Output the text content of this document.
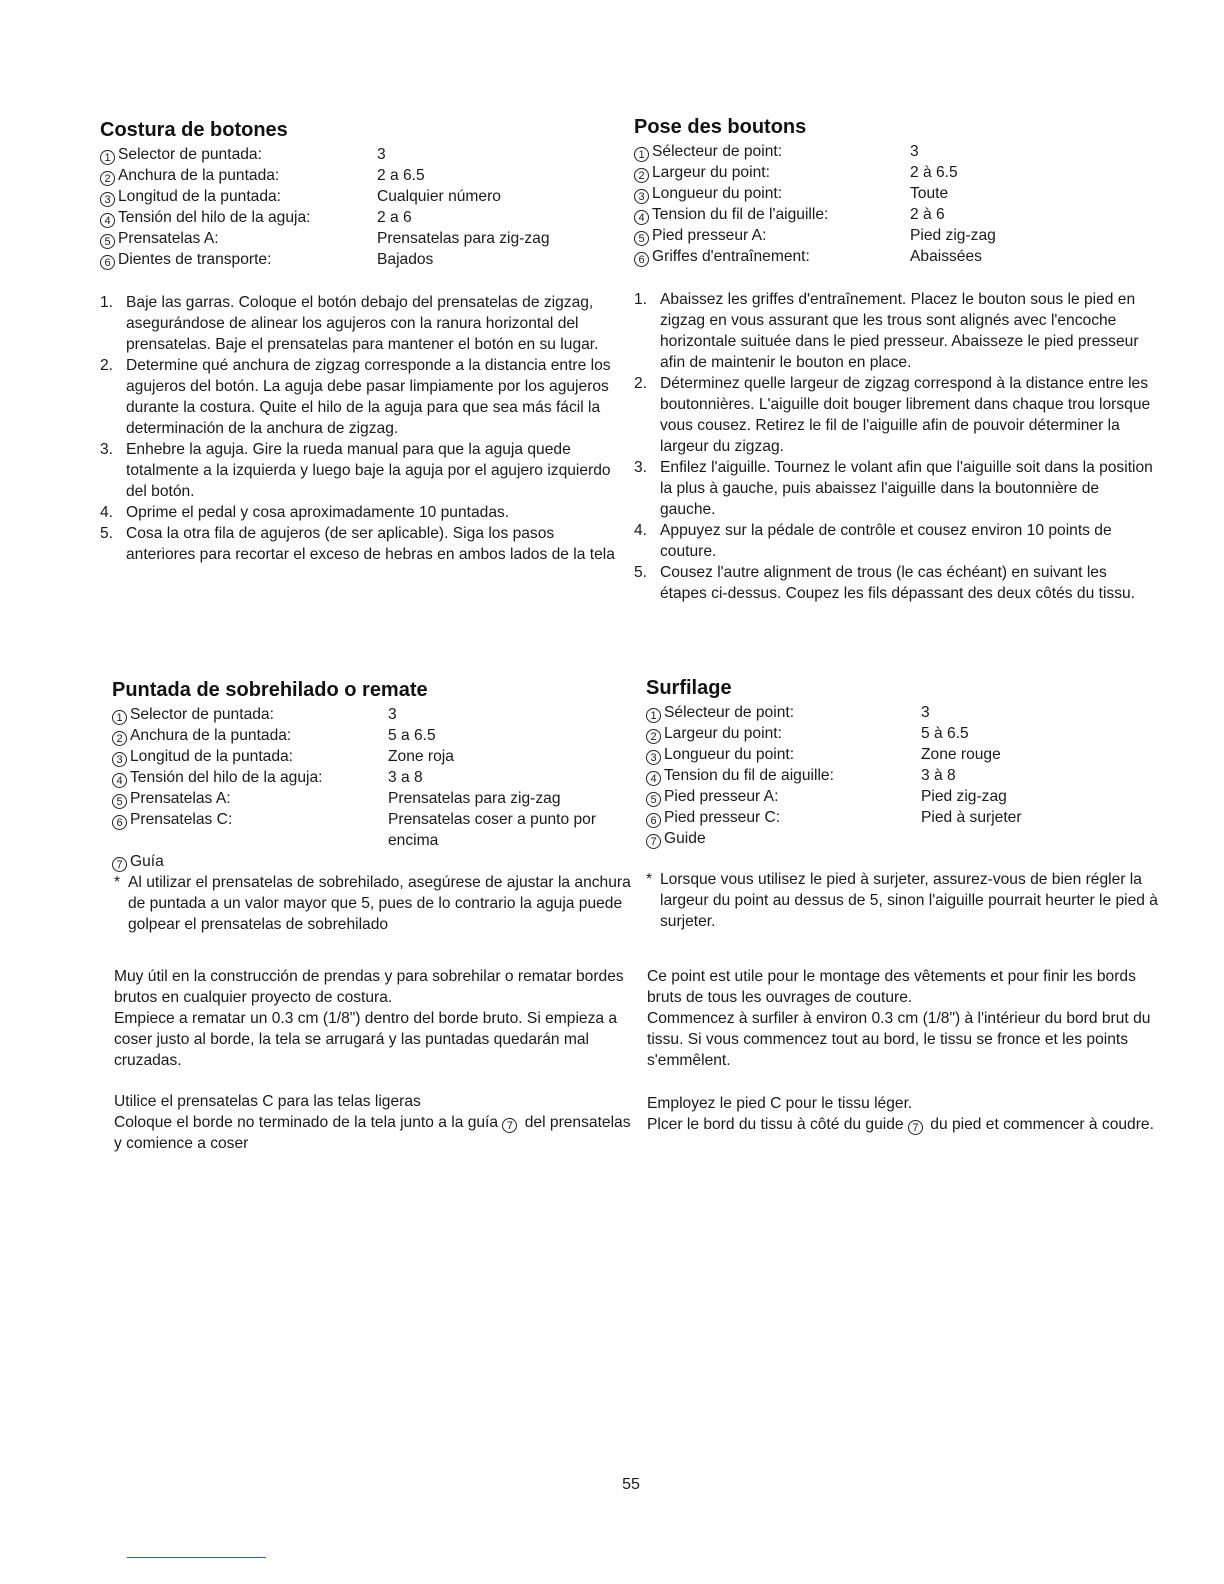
Costura de botones
1 Selector de puntada:	3
2 Anchura de la puntada:	2 a 6.5
3 Longitud de la puntada:	Cualquier número
4 Tensión del hilo de la aguja:	2 a 6
5 Prensatelas A:	Prensatelas para zig-zag
6 Dientes de transporte:	Bajados
1. Baje las garras. Coloque el botón debajo del prensatelas de zigzag, asegurándose de alinear los agujeros con la ranura horizontal del prensatelas. Baje el prensatelas para mantener el botón en su lugar.
2. Determine qué anchura de zigzag corresponde a la distancia entre los agujeros del botón. La aguja debe pasar limpiamente por los agujeros durante la costura. Quite el hilo de la aguja para que sea más fácil la determinación de la anchura de zigzag.
3. Enhebre la aguja. Gire la rueda manual para que la aguja quede totalmente a la izquierda y luego baje la aguja por el agujero izquierdo del botón.
4. Oprime el pedal y cosa aproximadamente 10 puntadas.
5. Cosa la otra fila de agujeros (de ser aplicable). Siga los pasos anteriores para recortar el exceso de hebras en ambos lados de la tela
Pose des boutons
1 Sélecteur de point:	3
2 Largeur du point:	2 à 6.5
3 Longueur du point:	Toute
4 Tension du fil de l'aiguille:	2 à 6
5 Pied presseur A:	Pied zig-zag
6 Griffes d'entraînement:	Abaissées
1. Abaissez les griffes d'entraînement. Placez le bouton sous le pied en zigzag en vous assurant que les trous sont alignés avec l'encoche horizontale suituée dans le pied presseur. Abaisseze le pied presseur afin de maintenir le bouton en place.
2. Déterminez quelle largeur de zigzag correspond à la distance entre les boutonnières. L'aiguille doit bouger librement dans chaque trou lorsque vous cousez. Retirez le fil de l'aiguille afin de pouvoir déterminer la largeur du zigzag.
3. Enfilez l'aiguille. Tournez le volant afin que l'aiguille soit dans la position la plus à gauche, puis abaissez l'aiguille dans la boutonnière de gauche.
4. Appuyez sur la pédale de contrôle et cousez environ 10 points de couture.
5. Cousez l'autre alignment de trous (le cas échéant) en suivant les étapes ci-dessus. Coupez les fils dépassant des deux côtés du tissu.
Puntada de sobrehilado o remate
1 Selector de puntada:	3
2 Anchura de la puntada:	5 a 6.5
3 Longitud de la puntada:	Zone roja
4 Tensión del hilo de la aguja:	3 a 8
5 Prensatelas A:	Prensatelas para zig-zag
6 Prensatelas C:	Prensatelas coser a punto por encima
7 Guía
* Al utilizar el prensatelas de sobrehilado, asegúrese de ajustar la anchura de puntada a un valor mayor que 5, pues de lo contrario la aguja puede golpear el prensatelas de sobrehilado

Muy útil en la construcción de prendas y para sobrehilar o rematar bordes brutos en cualquier proyecto de costura.

Empiece a rematar un 0.3 cm (1/8") dentro del borde bruto. Si empieza a coser justo al borde, la tela se arrugará y las puntadas quedarán mal cruzadas.

Utilice el prensatelas C para las telas ligeras

Coloque el borde no terminado de la tela junto a la guía 7 del prensatelas y comience a coser

Surfilage
1 Sélecteur de point:	3
2 Largeur du point:	5 à 6.5
3 Longueur du point:	Zone rouge
4 Tension du fil de aiguille:	3 à 8
5 Pied presseur A:	Pied zig-zag
6 Pied presseur C:	Pied à surjeter
7 Guide
* Lorsque vous utilisez le pied à surjeter, assurez-vous de bien régler la largeur du point au dessus de 5, sinon l'aiguille pourrait heurter le pied à surjeter.

Ce point est utile pour le montage des vêtements et pour finir les bords bruts de tous les ouvrages de couture.

Commencez à surfiler à environ 0.3 cm (1/8") à l'intérieur du bord brut du tissu. Si vous commencez tout au bord, le tissu se fronce et les points s'emmêlent.

Employez le pied C pour le tissu léger.

Plcer le bord du tissu à côté du guide 7 du pied et commencer à coudre.

55
